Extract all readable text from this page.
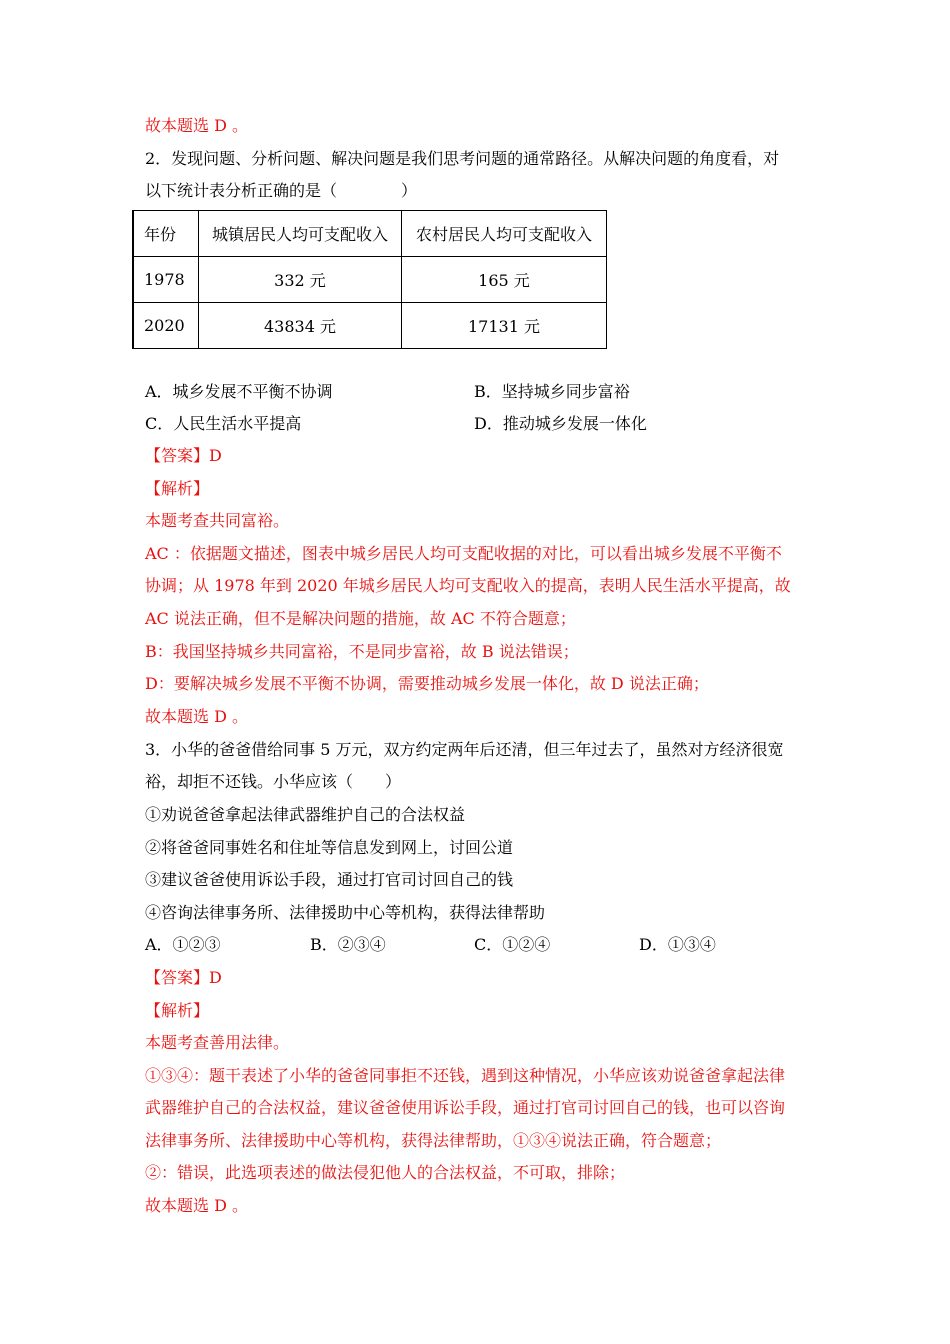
故本题选 D 。
2．发现问题、分析问题、解决问题是我们思考问题的通常路径。从解决问题的角度看，对
以下统计表分析正确的是（　　　　）
年份	城镇居民人均可支配收入	农村居民人均可支配收入
1978	332 元	165 元
2020	43834 元	17131 元
A．城乡发展不平衡不协调	B．坚持城乡同步富裕
C．人民生活水平提高	D．推动城乡发展一体化
【答案】D
【解析】
本题考查共同富裕。
AC ：依据题文描述，图表中城乡居民人均可支配收据的对比，可以看出城乡发展不平衡不
协调；从 1978 年到 2020 年城乡居民人均可支配收入的提高，表明人民生活水平提高，故
AC 说法正确，但不是解决问题的措施，故 AC 不符合题意；
B：我国坚持城乡共同富裕，不是同步富裕，故 B 说法错误；
D：要解决城乡发展不平衡不协调，需要推动城乡发展一体化，故 D 说法正确；
故本题选 D 。
3．小华的爸爸借给同事 5 万元，双方约定两年后还清，但三年过去了，虽然对方经济很宽
裕，却拒不还钱。小华应该（　　）
①劝说爸爸拿起法律武器维护自己的合法权益
②将爸爸同事姓名和住址等信息发到网上，讨回公道
③建议爸爸使用诉讼手段，通过打官司讨回自己的钱
④咨询法律事务所、法律援助中心等机构，获得法律帮助
A．①②③	B．②③④	C．①②④	D．①③④
【答案】D
【解析】
本题考查善用法律。
①③④：题干表述了小华的爸爸同事拒不还钱，遇到这种情况，小华应该劝说爸爸拿起法律
武器维护自己的合法权益，建议爸爸使用诉讼手段，通过打官司讨回自己的钱，也可以咨询
法律事务所、法律援助中心等机构，获得法律帮助，①③④说法正确，符合题意；
②：错误，此选项表述的做法侵犯他人的合法权益，不可取，排除；
故本题选 D 。
